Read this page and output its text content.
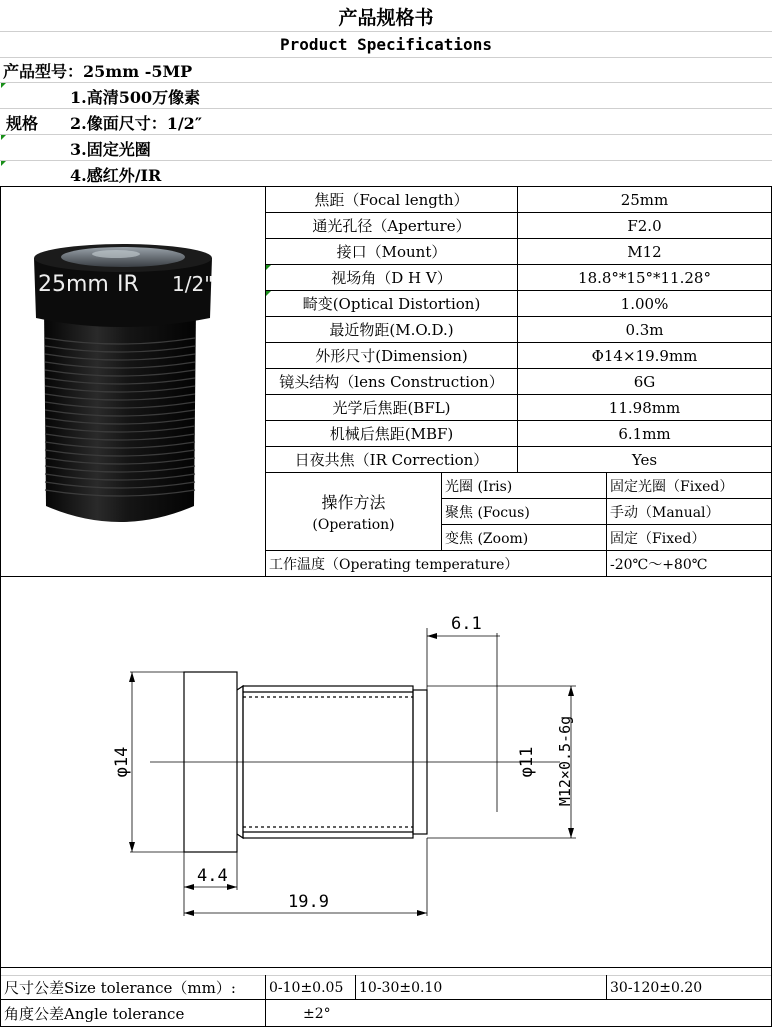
产品规格书
Product Specifications
产品型号：25mm -5MP
1.高清500万像素
规格	2.像面尺寸：1/2″
3.固定光圈
4.感红外/IR
25mm IR 1/2"
焦距（Focal length）	25mm
通光孔径（Aperture）	F2.0
接口（Mount）	M12
视场角（D H V）	18.8°*15°*11.28°
畸变(Optical Distortion)	1.00%
最近物距(M.O.D.)	0.3m
外形尺寸(Dimension)	Φ14×19.9mm
镜头结构（lens Construction）	6G
光学后焦距(BFL)	11.98mm
机械后焦距(MBF)	6.1mm
日夜共焦（IR Correction）	Yes
操作方法
(Operation)
光圈 (Iris)	固定光圈（Fixed）
聚焦 (Focus)	手动（Manual）
变焦 (Zoom)	固定（Fixed）
工作温度（Operating temperature）	-20℃～+80℃
6.1
4.4
19.9
φ14	φ11 M12×0.5-6g
尺寸公差Size tolerance（mm）:	0-10±0.05	10-30±0.10	30-120±0.20
角度公差Angle tolerance	±2°
